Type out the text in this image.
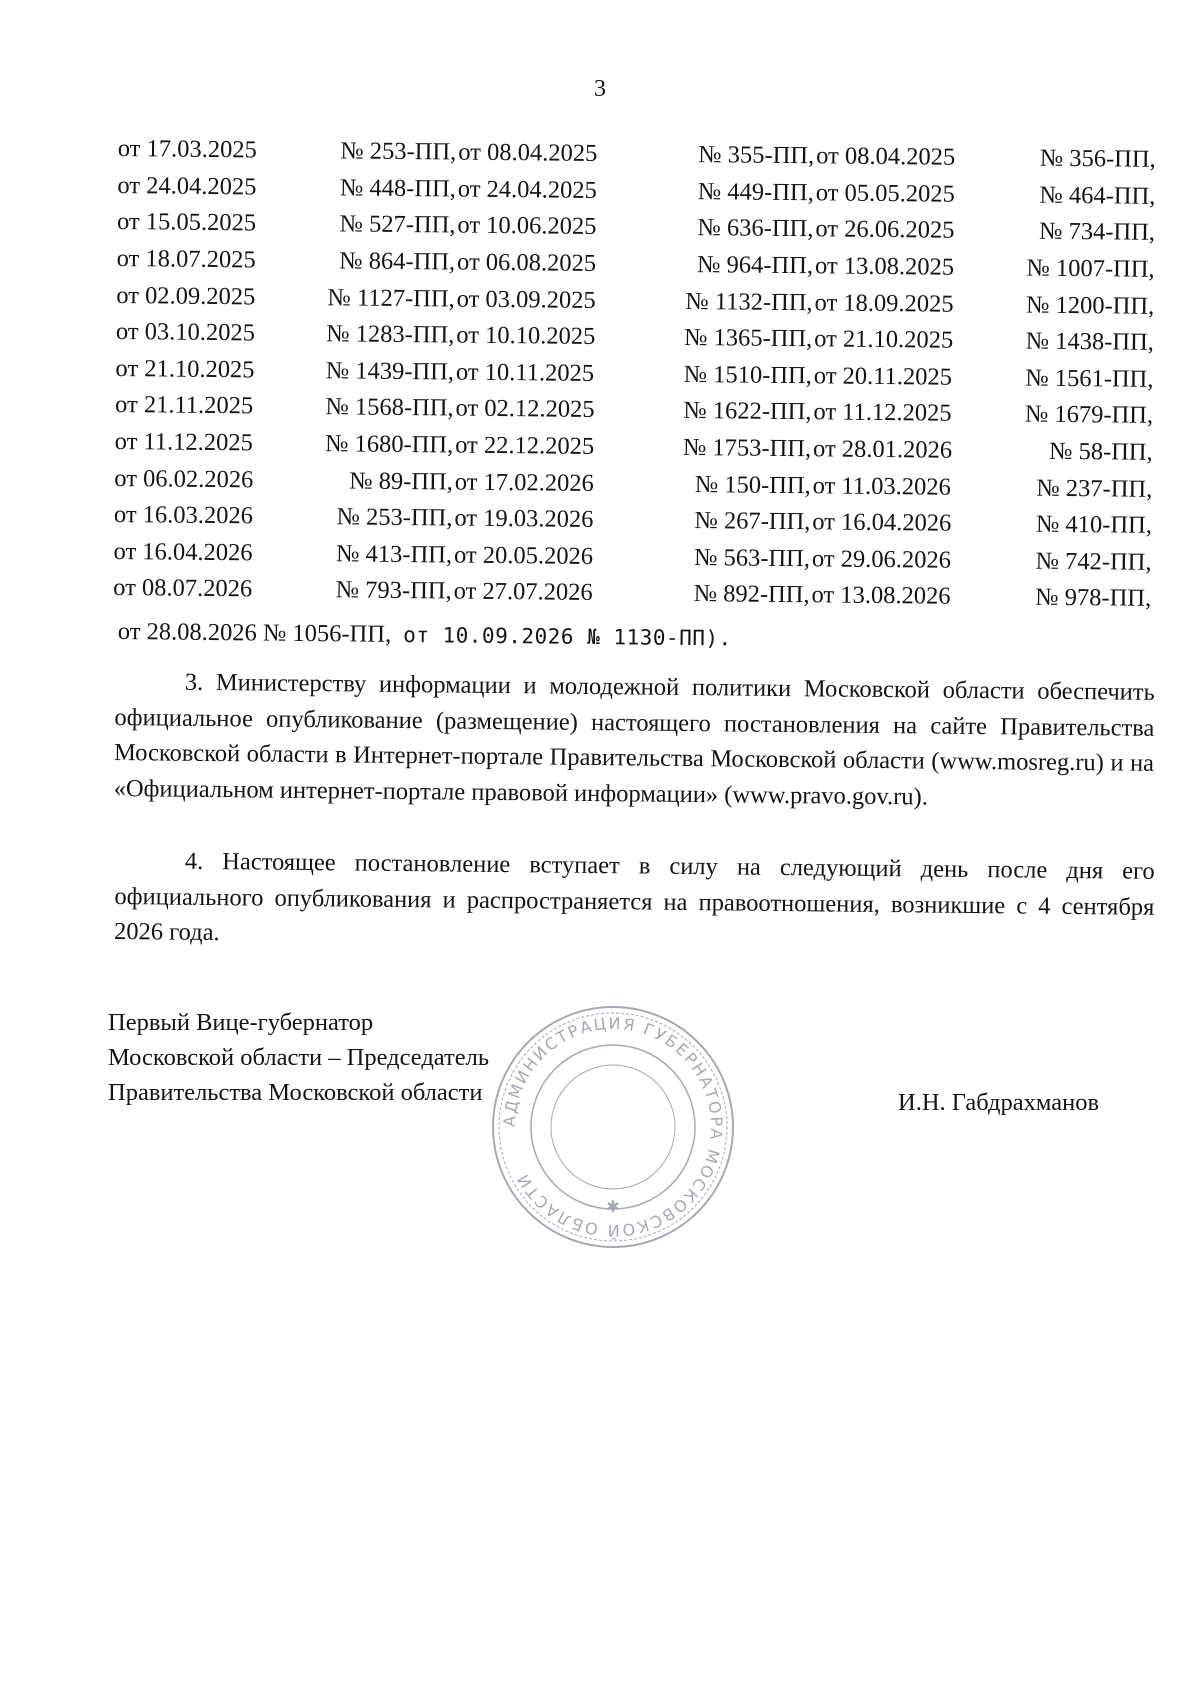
3
от 17.03.2025	№ 253-ПП,	от 08.04.2025	№ 355-ПП,	от 08.04.2025	№ 356-ПП,
от 24.04.2025	№ 448-ПП,	от 24.04.2025	№ 449-ПП,	от 05.05.2025	№ 464-ПП,
от 15.05.2025	№ 527-ПП,	от 10.06.2025	№ 636-ПП,	от 26.06.2025	№ 734-ПП,
от 18.07.2025	№ 864-ПП,	от 06.08.2025	№ 964-ПП,	от 13.08.2025	№ 1007-ПП,
от 02.09.2025	№ 1127-ПП,	от 03.09.2025	№ 1132-ПП,	от 18.09.2025	№ 1200-ПП,
от 03.10.2025	№ 1283-ПП,	от 10.10.2025	№ 1365-ПП,	от 21.10.2025	№ 1438-ПП,
от 21.10.2025	№ 1439-ПП,	от 10.11.2025	№ 1510-ПП,	от 20.11.2025	№ 1561-ПП,
от 21.11.2025	№ 1568-ПП,	от 02.12.2025	№ 1622-ПП,	от 11.12.2025	№ 1679-ПП,
от 11.12.2025	№ 1680-ПП,	от 22.12.2025	№ 1753-ПП,	от 28.01.2026	№ 58-ПП,
от 06.02.2026	№ 89-ПП,	от 17.02.2026	№ 150-ПП,	от 11.03.2026	№ 237-ПП,
от 16.03.2026	№ 253-ПП,	от 19.03.2026	№ 267-ПП,	от 16.04.2026	№ 410-ПП,
от 16.04.2026	№ 413-ПП,	от 20.05.2026	№ 563-ПП,	от 29.06.2026	№ 742-ПП,
от 08.07.2026	№ 793-ПП,	от 27.07.2026	№ 892-ПП,	от 13.08.2026	№ 978-ПП,
от 28.08.2026 № 1056-ПП, от 10.09.2026 № 1130-ПП).

3. Министерству информации и молодежной политики Московской области обеспечить официальное опубликование (размещение) настоящего постановления на сайте Правительства Московской области в Интернет-портале Правительства Московской области (www.mosreg.ru) и на «Официальном интернет-портале правовой информации» (www.pravo.gov.ru).

4. Настоящее постановление вступает в силу на следующий день после дня его официального опубликования и распространяется на правоотношения, возникшие с 4 сентября 2026 года.

Первый Вице-губернатор
Московской области – Председатель
Правительства Московской области	И.Н. Габдрахманов
АДМИНИСТРАЦИЯ ГУБЕРНАТОРА МОСКОВСКОЙ ОБЛАСТИ
✱
